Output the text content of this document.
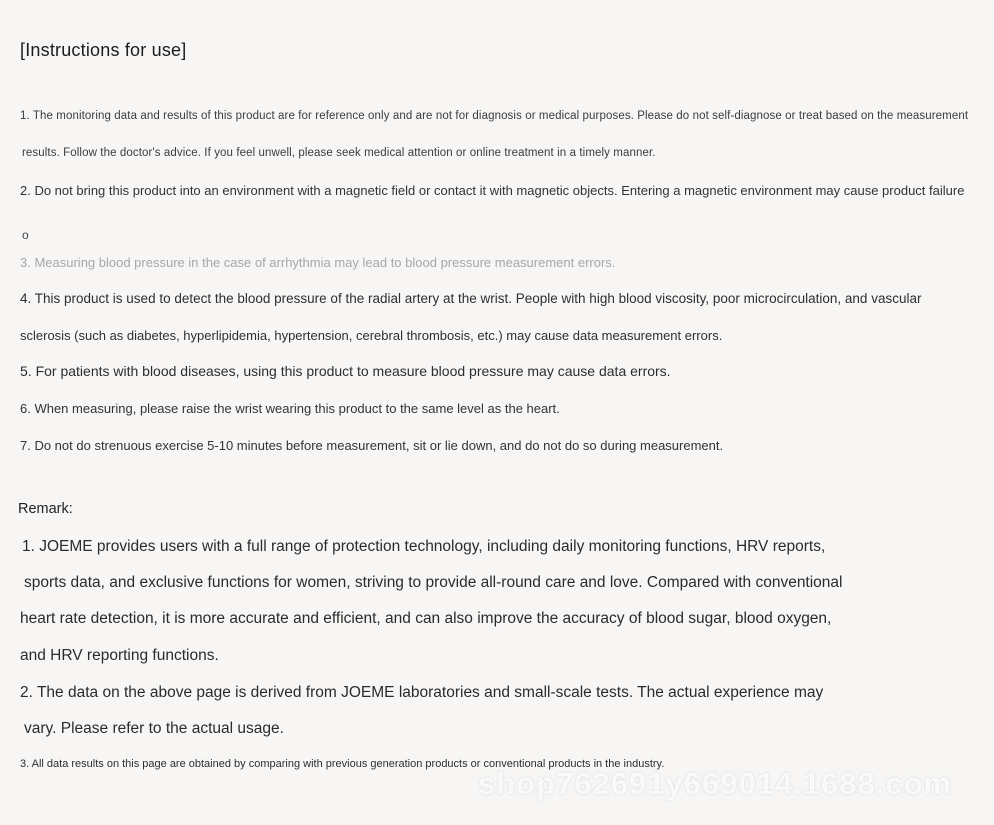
[Instructions for use]
1. The monitoring data and results of this product are for reference only and are not for diagnosis or medical purposes. Please do not self-diagnose or treat based on the measurement
results. Follow the doctor's advice. If you feel unwell, please seek medical attention or online treatment in a timely manner.
2. Do not bring this product into an environment with a magnetic field or contact it with magnetic objects. Entering a magnetic environment may cause product failure
o
3. Measuring blood pressure in the case of arrhythmia may lead to blood pressure measurement errors.
4. This product is used to detect the blood pressure of the radial artery at the wrist. People with high blood viscosity, poor microcirculation, and vascular
sclerosis (such as diabetes, hyperlipidemia, hypertension, cerebral thrombosis, etc.) may cause data measurement errors.
5. For patients with blood diseases, using this product to measure blood pressure may cause data errors.
6. When measuring, please raise the wrist wearing this product to the same level as the heart.
7. Do not do strenuous exercise 5-10 minutes before measurement, sit or lie down, and do not do so during measurement.
Remark:
1. JOEME provides users with a full range of protection technology, including daily monitoring functions, HRV reports,
sports data, and exclusive functions for women, striving to provide all-round care and love. Compared with conventional
heart rate detection, it is more accurate and efficient, and can also improve the accuracy of blood sugar, blood oxygen,
and HRV reporting functions.
2. The data on the above page is derived from JOEME laboratories and small-scale tests. The actual experience may
vary. Please refer to the actual usage.
3. All data results on this page are obtained by comparing with previous generation products or conventional products in the industry.
shop762691y669014.1688.com
